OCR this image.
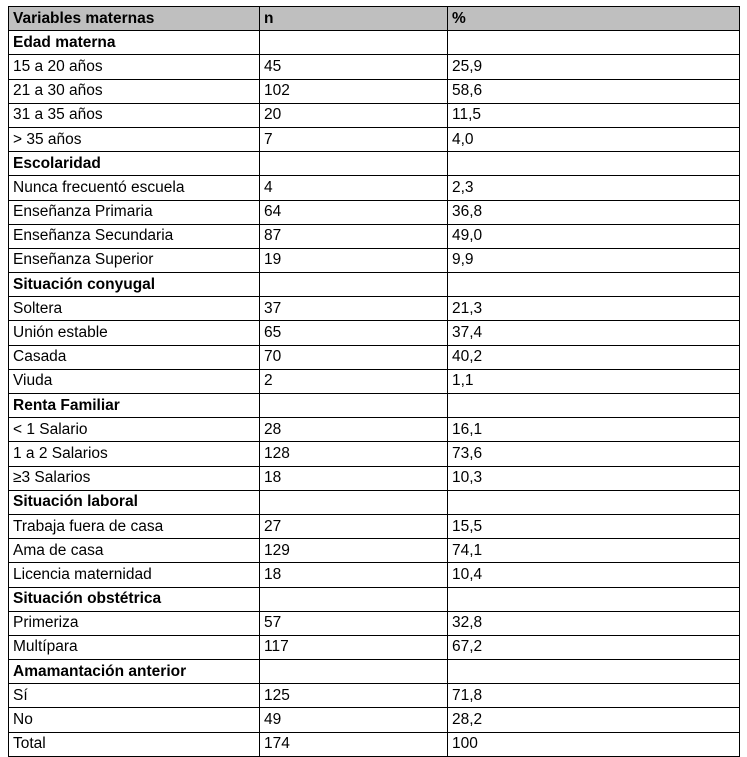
Variables maternas	n	%
Edad materna		
15 a 20 años	45	25,9
21 a 30 años	102	58,6
31 a 35 años	20	11,5
> 35 años	7	4,0
Escolaridad		
Nunca frecuentó escuela	4	2,3
Enseñanza Primaria	64	36,8
Enseñanza Secundaria	87	49,0
Enseñanza Superior	19	9,9
Situación conyugal		
Soltera	37	21,3
Unión estable	65	37,4
Casada	70	40,2
Viuda	2	1,1
Renta Familiar		
< 1 Salario	28	16,1
1 a 2 Salarios	128	73,6
≥3 Salarios	18	10,3
Situación laboral		
Trabaja fuera de casa	27	15,5
Ama de casa	129	74,1
Licencia maternidad	18	10,4
Situación obstétrica		
Primeriza	57	32,8
Multípara	117	67,2
Amamantación anterior		
Sí	125	71,8
No	49	28,2
Total	174	100
